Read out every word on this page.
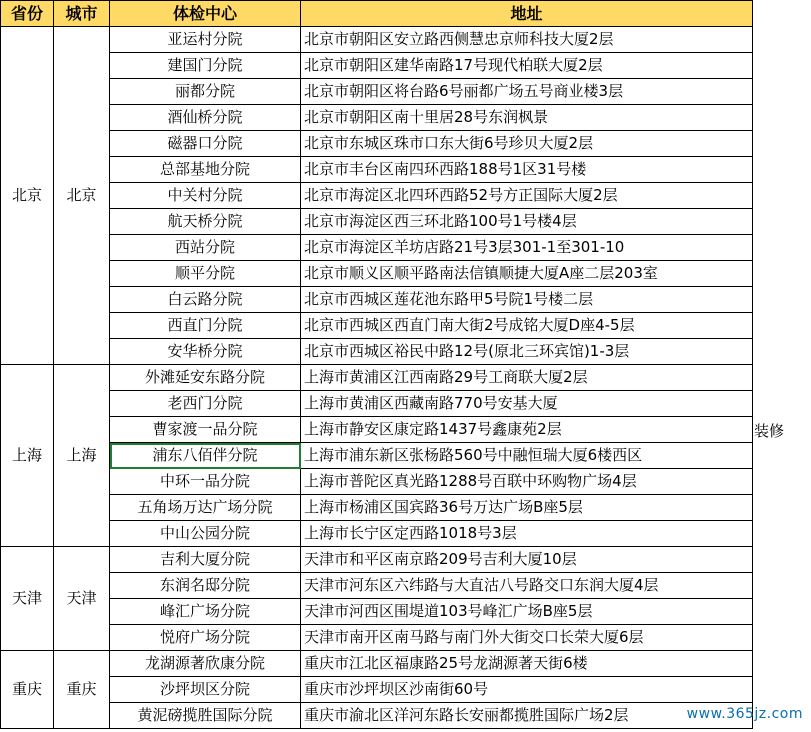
省份	城市	体检中心	地址
北京	北京	亚运村分院	北京市朝阳区安立路西侧慧忠京师科技大厦2层
		建国门分院	北京市朝阳区建华南路17号现代柏联大厦2层
		丽都分院	北京市朝阳区将台路6号丽都广场五号商业楼3层
		酒仙桥分院	北京市朝阳区南十里居28号东润枫景
		磁器口分院	北京市东城区珠市口东大街6号珍贝大厦2层
		总部基地分院	北京市丰台区南四环西路188号1区31号楼
		中关村分院	北京市海淀区北四环西路52号方正国际大厦2层
		航天桥分院	北京市海淀区西三环北路100号1号楼4层
		西站分院	北京市海淀区羊坊店路21号3层301-1至301-10
		顺平分院	北京市顺义区顺平路南法信镇顺捷大厦A座二层203室
		白云路分院	北京市西城区莲花池东路甲5号院1号楼二层
		西直门分院	北京市西城区西直门南大街2号成铭大厦D座4-5层
		安华桥分院	北京市西城区裕民中路12号(原北三环宾馆)1-3层
上海	上海	外滩延安东路分院	上海市黄浦区江西南路29号工商联大厦2层
		老西门分院	上海市黄浦区西藏南路770号安基大厦
		曹家渡一品分院	上海市静安区康定路1437号鑫康苑2层
		浦东八佰伴分院	上海市浦东新区张杨路560号中融恒瑞大厦6楼西区
		中环一品分院	上海市普陀区真光路1288号百联中环购物广场4层
		五角场万达广场分院	上海市杨浦区国宾路36号万达广场B座5层
		中山公园分院	上海市长宁区定西路1018号3层
天津	天津	吉利大厦分院	天津市和平区南京路209号吉利大厦10层
		东润名邸分院	天津市河东区六纬路与大直沽八号路交口东润大厦4层
		峰汇广场分院	天津市河西区围堤道103号峰汇广场B座5层
		悦府广场分院	天津市南开区南马路与南门外大街交口长荣大厦6层
重庆	重庆	龙湖源著欣康分院	重庆市江北区福康路25号龙湖源著天街6楼
		沙坪坝区分院	重庆市沙坪坝区沙南街60号
		黄泥磅揽胜国际分院	重庆市渝北区洋河东路长安丽都揽胜国际广场2层
装修
www.365jz.com
